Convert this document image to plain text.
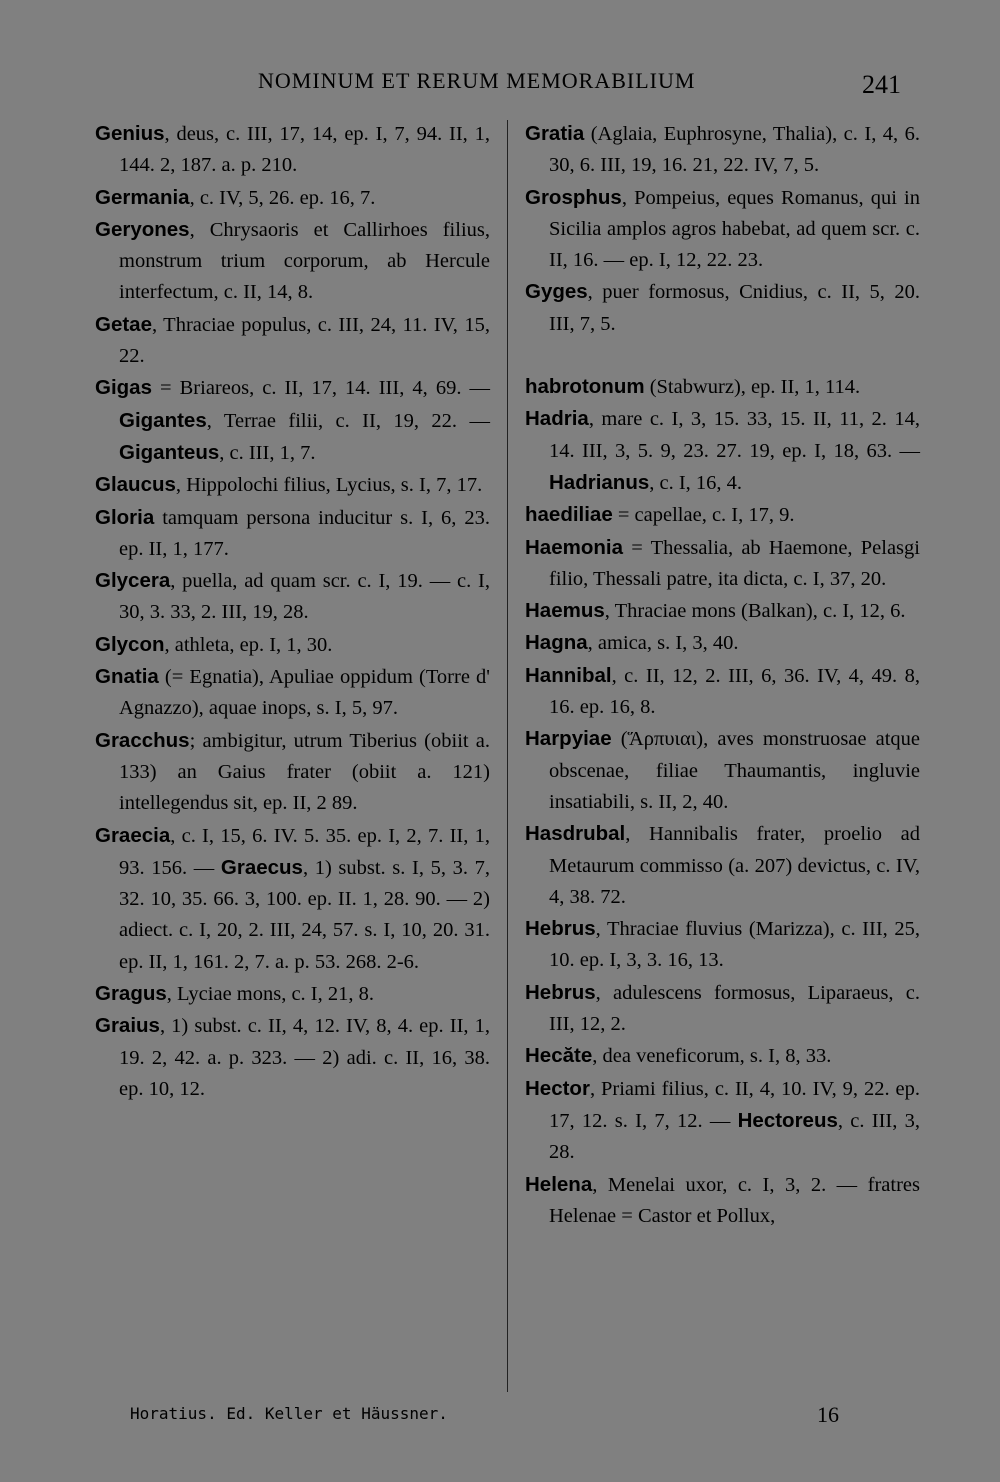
NOMINUM ET RERUM MEMORABILIUM	241

Genius, deus, c. III, 17, 14, ep. I, 7, 94. II, 1, 144. 2, 187. a. p. 210.

Germania, c. IV, 5, 26. ep. 16, 7.

Geryones, Chrysaoris et Callirhoes filius, monstrum trium corporum, ab Hercule interfectum, c. II, 14, 8.

Getae, Thraciae populus, c. III, 24, 11. IV, 15, 22.

Gigas = Briareos, c. II, 17, 14. III, 4, 69. — Gigantes, Terrae filii, c. II, 19, 22. — Giganteus, c. III, 1, 7.

Glaucus, Hippolochi filius, Lycius, s. I, 7, 17.

Gloria tamquam persona inducitur s. I, 6, 23. ep. II, 1, 177.

Glycera, puella, ad quam scr. c. I, 19. — c. I, 30, 3. 33, 2. III, 19, 28.

Glycon, athleta, ep. I, 1, 30.

Gnatia (= Egnatia), Apuliae oppidum (Torre d' Agnazzo), aquae inops, s. I, 5, 97.

Gracchus; ambigitur, utrum Tiberius (obiit a. 133) an Gaius frater (obiit a. 121) intellegendus sit, ep. II, 2 89.

Graecia, c. I, 15, 6. IV. 5. 35. ep. I, 2, 7. II, 1, 93. 156. — Graecus, 1) subst. s. I, 5, 3. 7, 32. 10, 35. 66. 3, 100. ep. II. 1, 28. 90. — 2) adiect. c. I, 20, 2. III, 24, 57. s. I, 10, 20. 31. ep. II, 1, 161. 2, 7. a. p. 53. 268. 2-6.

Gragus, Lyciae mons, c. I, 21, 8.

Graius, 1) subst. c. II, 4, 12. IV, 8, 4. ep. II, 1, 19. 2, 42. a. p. 323. — 2) adi. c. II, 16, 38. ep. 10, 12.

Gratia (Aglaia, Euphrosyne, Thalia), c. I, 4, 6. 30, 6. III, 19, 16. 21, 22. IV, 7, 5.

Grosphus, Pompeius, eques Romanus, qui in Sicilia amplos agros habebat, ad quem scr. c. II, 16. — ep. I, 12, 22. 23.

Gyges, puer formosus, Cnidius, c. II, 5, 20. III, 7, 5.

habrotonum (Stabwurz), ep. II, 1, 114.

Hadria, mare c. I, 3, 15. 33, 15. II, 11, 2. 14, 14. III, 3, 5. 9, 23. 27. 19, ep. I, 18, 63. — Hadrianus, c. I, 16, 4.

haediliae = capellae, c. I, 17, 9.

Haemonia = Thessalia, ab Haemone, Pelasgi filio, Thessali patre, ita dicta, c. I, 37, 20.

Haemus, Thraciae mons (Balkan), c. I, 12, 6.

Hagna, amica, s. I, 3, 40.

Hannibal, c. II, 12, 2. III, 6, 36. IV, 4, 49. 8, 16. ep. 16, 8.

Harpyiae (Ἅρπυιαι), aves monstruosae atque obscenae, filiae Thaumantis, ingluvie insatiabili, s. II, 2, 40.

Hasdrubal, Hannibalis frater, proelio ad Metaurum commisso (a. 207) devictus, c. IV, 4, 38. 72.

Hebrus, Thraciae fluvius (Marizza), c. III, 25, 10. ep. I, 3, 3. 16, 13.

Hebrus, adulescens formosus, Liparaeus, c. III, 12, 2.

Hecăte, dea veneficorum, s. I, 8, 33.

Hector, Priami filius, c. II, 4, 10. IV, 9, 22. ep. 17, 12. s. I, 7, 12. — Hectoreus, c. III, 3, 28.

Helena, Menelai uxor, c. I, 3, 2. — fratres Helenae = Castor et Pollux,

Horatius. Ed. Keller et Häussner.	16
